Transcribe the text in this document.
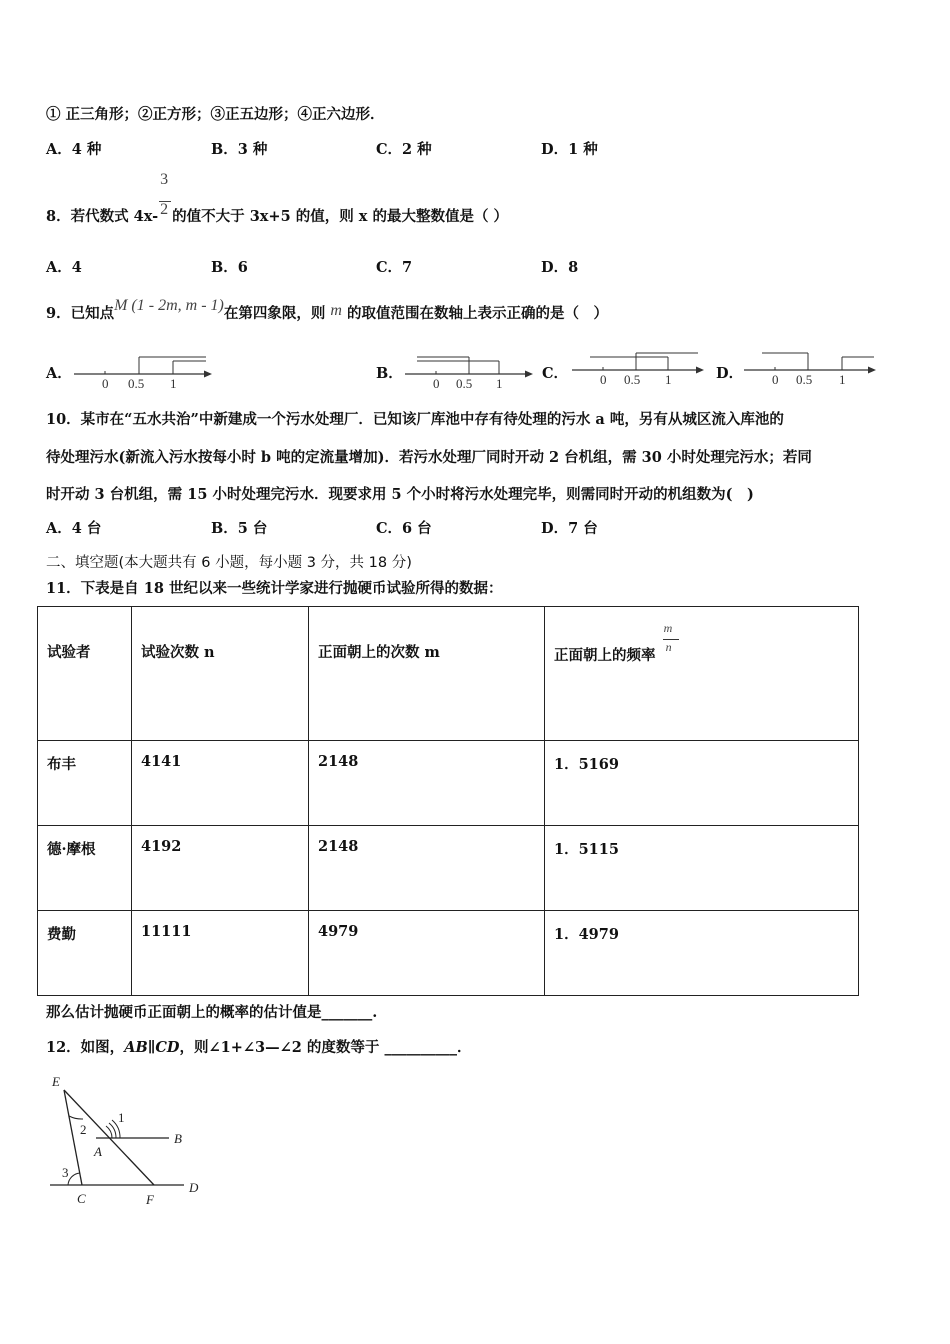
① 正三角形；②正方形；③正五边形；④正六边形．
A．4 种	B．3 种	C．2 种	D．1 种
8．若代数式 $4x- \frac{3}{2}$ 的值不大于 3x+5 的值，则 x 的最大整数值是（ ）
A．4	B．6	C．7	D．8
9．已知点M (1 - 2m, m - 1)在第四象限，则 m 的取值范围在数轴上表示正确的是（　）
A．
0 0.5 1
B．
0 0.5 1
C． 0 0.5 1	D． 0 0.5 1
10．某市在“五水共治”中新建成一个污水处理厂．已知该厂库池中存有待处理的污水 a 吨，另有从城区流入库池的
待处理污水(新流入污水按每小时 b 吨的定流量增加)．若污水处理厂同时开动 2 台机组，需 30 小时处理完污水；若同
时开动 3 台机组，需 15 小时处理完污水．现要求用 5 个小时将污水处理完毕，则需同时开动的机组数为(　)
A．4 台	B．5 台	C．6 台	D．7 台
二、填空题(本大题共有 6 小题，每小题 3 分，共 18 分)
11．下表是自 18 世纪以来一些统计学家进行抛硬币试验所得的数据：
试验者	试验次数 n	正面朝上的次数 m	正面朝上的频率
$\frac{m}{n}$

布丰	4141	2148	1．5169
德·摩根	4192	2148	1．5115
费勤	11111	4979	1．4979
那么估计抛硬币正面朝上的概率的估计值是_______.
12．如图，AB∥CD，则∠1+∠3—∠2 的度数等于 __________．
E
1
2
B
A
3
C	F
D
